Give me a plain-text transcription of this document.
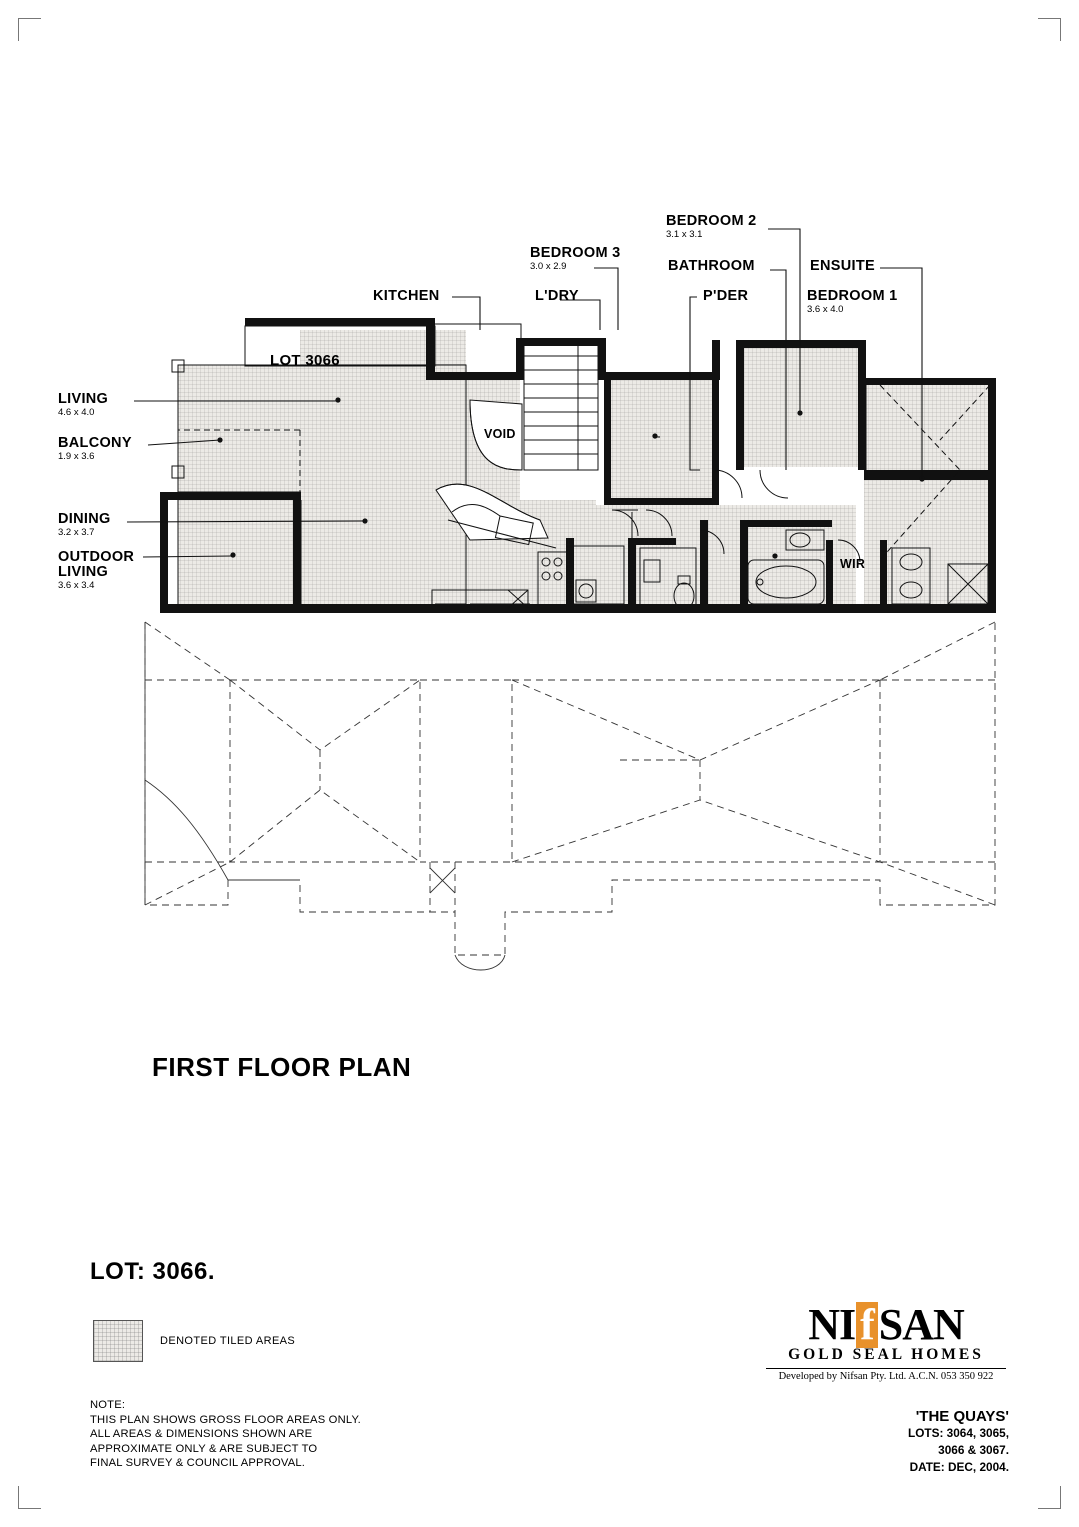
LIVING
4.6 x 4.0
BALCONY
1.9 x 3.6
DINING
3.2 x 3.7
OUTDOOR
LIVING
3.6 x 3.4
KITCHEN
BEDROOM 3
3.0 x 2.9
L'DRY
BEDROOM 2
3.1 x 3.1
BATHROOM
P'DER
ENSUITE
BEDROOM 1
3.6 x 4.0
VOID
WIR
LOT 3066
FIRST FLOOR PLAN
LOT: 3066.
DENOTED TILED AREAS
NOTE:
THIS PLAN SHOWS GROSS FLOOR AREAS ONLY.
ALL AREAS & DIMENSIONS SHOWN ARE
APPROXIMATE ONLY & ARE SUBJECT TO
FINAL SURVEY & COUNCIL APPROVAL.
NI f SAN
GOLD SEAL HOMES
Developed by Nifsan Pty. Ltd. A.C.N. 053 350 922
'THE QUAYS'
LOTS: 3064, 3065,
3066 & 3067.
DATE: DEC, 2004.
